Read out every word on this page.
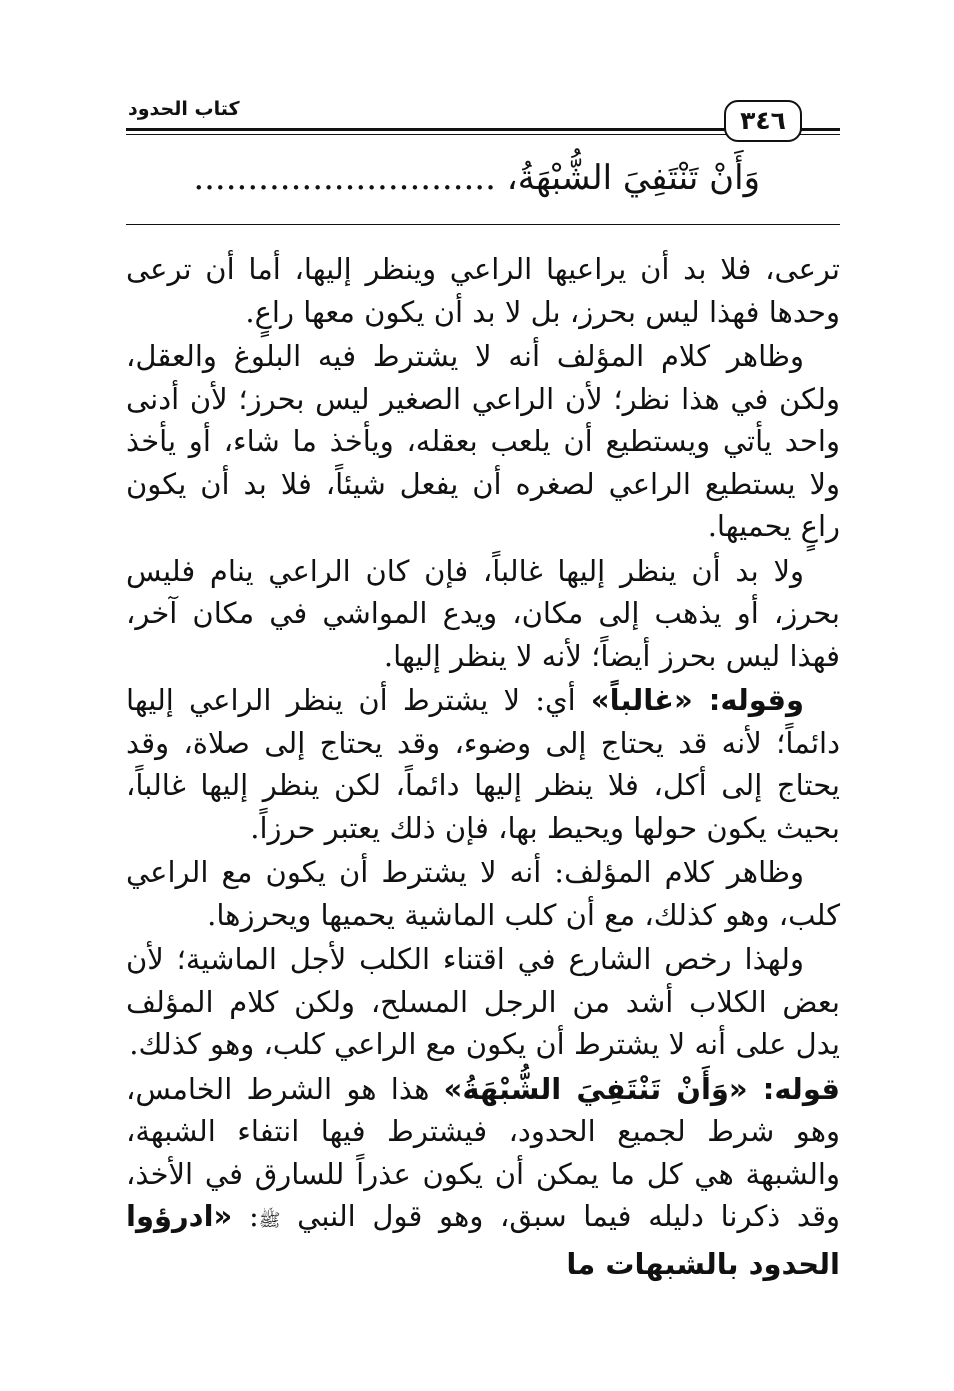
كتاب الحدود	٣٤٦
وَأَنْ تَنْتَفِيَ الشُّبْهَةُ، ............................

ترعى، فلا بد أن يراعيها الراعي وينظر إليها، أما أن ترعى وحدها فهذا ليس بحرز، بل لا بد أن يكون معها راعٍ.

وظاهر كلام المؤلف أنه لا يشترط فيه البلوغ والعقل، ولكن في هذا نظر؛ لأن الراعي الصغير ليس بحرز؛ لأن أدنى واحد يأتي ويستطيع أن يلعب بعقله، ويأخذ ما شاء، أو يأخذ ولا يستطيع الراعي لصغره أن يفعل شيئاً، فلا بد أن يكون راعٍ يحميها.

ولا بد أن ينظر إليها غالباً، فإن كان الراعي ينام فليس بحرز، أو يذهب إلى مكان، ويدع المواشي في مكان آخر، فهذا ليس بحرز أيضاً؛ لأنه لا ينظر إليها.

وقوله: «غالباً» أي: لا يشترط أن ينظر الراعي إليها دائماً؛ لأنه قد يحتاج إلى وضوء، وقد يحتاج إلى صلاة، وقد يحتاج إلى أكل، فلا ينظر إليها دائماً، لكن ينظر إليها غالباً، بحيث يكون حولها ويحيط بها، فإن ذلك يعتبر حرزاً.

وظاهر كلام المؤلف: أنه لا يشترط أن يكون مع الراعي كلب، وهو كذلك، مع أن كلب الماشية يحميها ويحرزها.

ولهذا رخص الشارع في اقتناء الكلب لأجل الماشية؛ لأن بعض الكلاب أشد من الرجل المسلح، ولكن كلام المؤلف يدل على أنه لا يشترط أن يكون مع الراعي كلب، وهو كذلك.

قوله: «وَأَنْ تَنْتَفِيَ الشُّبْهَةُ» هذا هو الشرط الخامس، وهو شرط لجميع الحدود، فيشترط فيها انتفاء الشبهة، والشبهة هي كل ما يمكن أن يكون عذراً للسارق في الأخذ، وقد ذكرنا دليله فيما سبق، وهو قول النبي ﷺ: «ادرؤوا الحدود بالشبهات ما
